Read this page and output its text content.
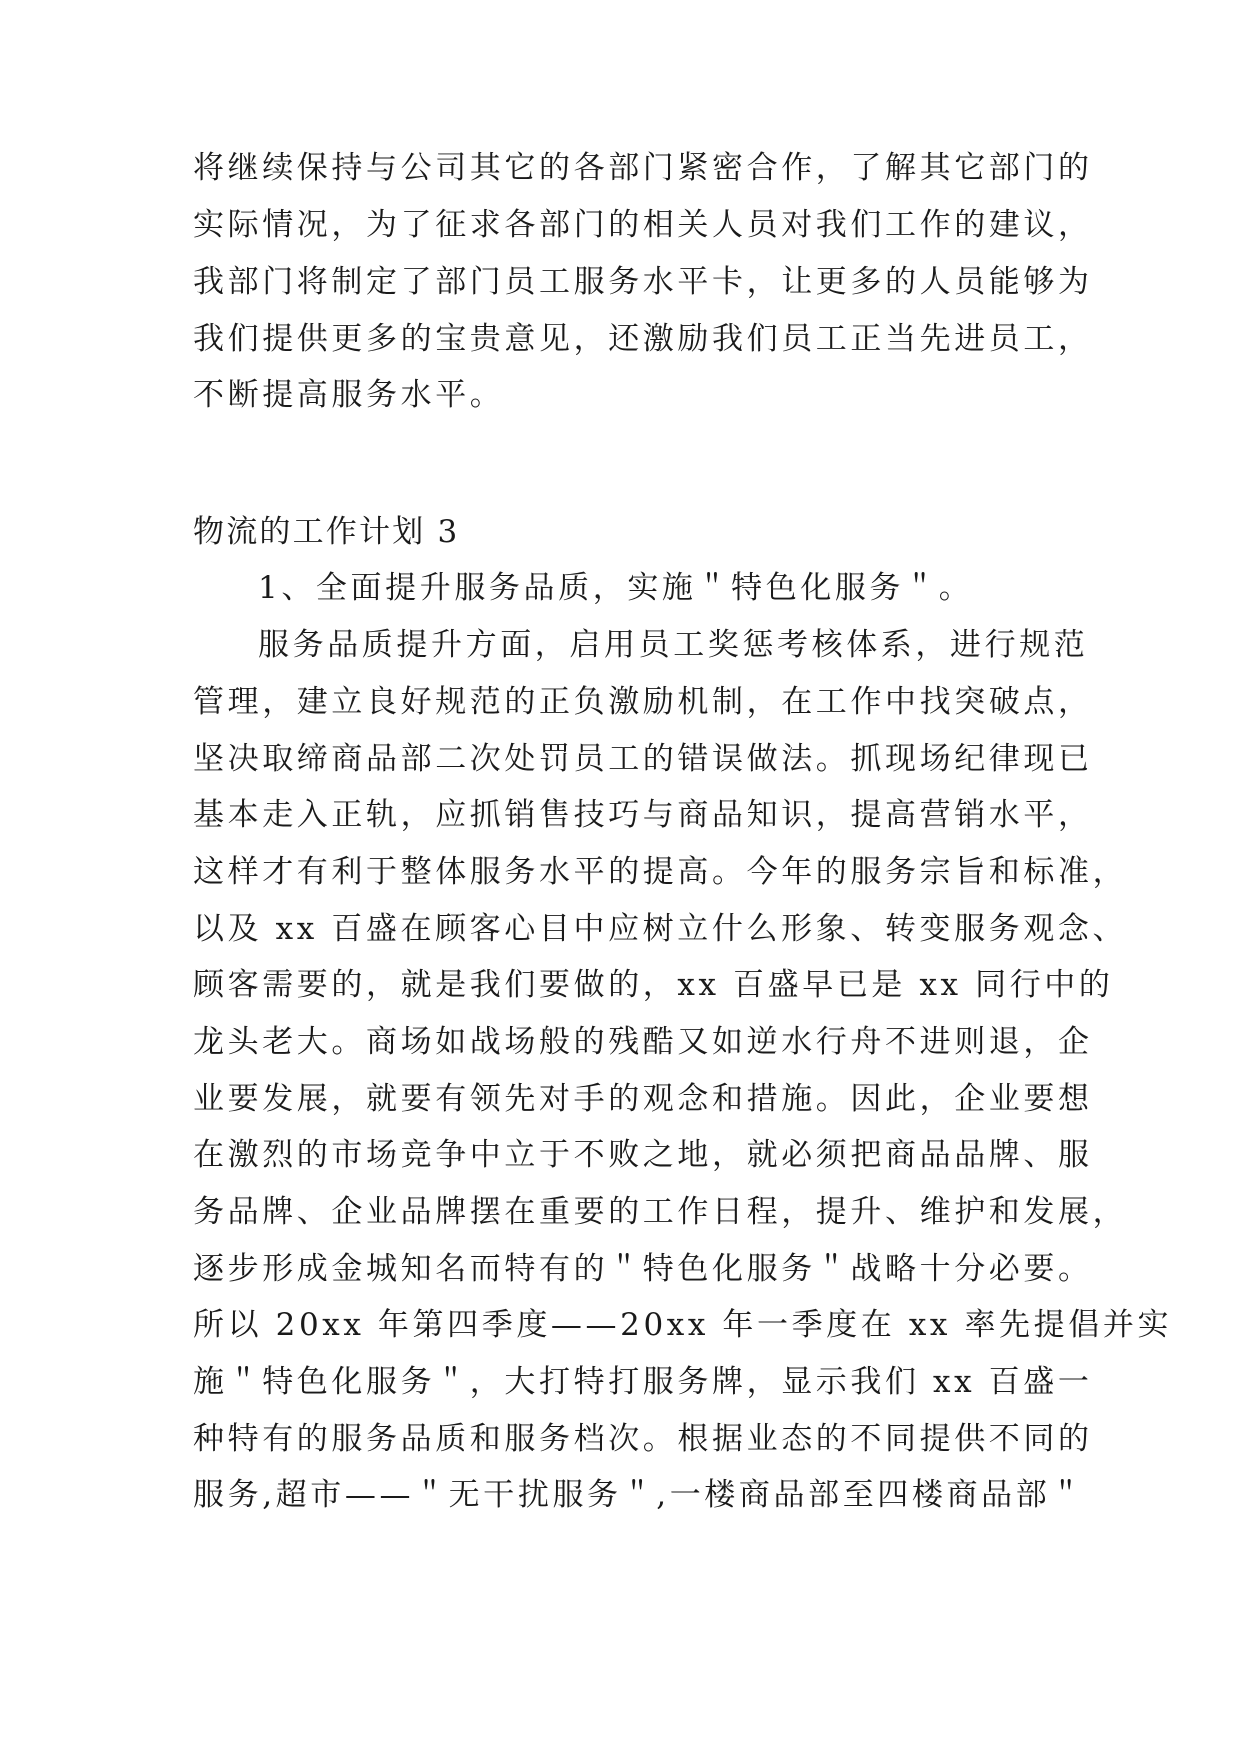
将继续保持与公司其它的各部门紧密合作，了解其它部门的
实际情况，为了征求各部门的相关人员对我们工作的建议，
我部门将制定了部门员工服务水平卡，让更多的人员能够为
我们提供更多的宝贵意见，还激励我们员工正当先进员工，
不断提高服务水平。
物流的工作计划 3
1、全面提升服务品质，实施＂特色化服务＂。
服务品质提升方面，启用员工奖惩考核体系，进行规范
管理，建立良好规范的正负激励机制，在工作中找突破点，
坚决取缔商品部二次处罚员工的错误做法。抓现场纪律现已
基本走入正轨，应抓销售技巧与商品知识，提高营销水平，
这样才有利于整体服务水平的提高。今年的服务宗旨和标准，
以及 xx 百盛在顾客心目中应树立什么形象、转变服务观念、
顾客需要的，就是我们要做的，xx 百盛早已是 xx 同行中的
龙头老大。商场如战场般的残酷又如逆水行舟不进则退，企
业要发展，就要有领先对手的观念和措施。因此，企业要想
在激烈的市场竞争中立于不败之地，就必须把商品品牌、服
务品牌、企业品牌摆在重要的工作日程，提升、维护和发展，
逐步形成金城知名而特有的＂特色化服务＂战略十分必要。
所以 20xx 年第四季度——20xx 年一季度在 xx 率先提倡并实
施＂特色化服务＂，大打特打服务牌，显示我们 xx 百盛一
种特有的服务品质和服务档次。根据业态的不同提供不同的
服务,超市——＂无干扰服务＂,一楼商品部至四楼商品部＂
